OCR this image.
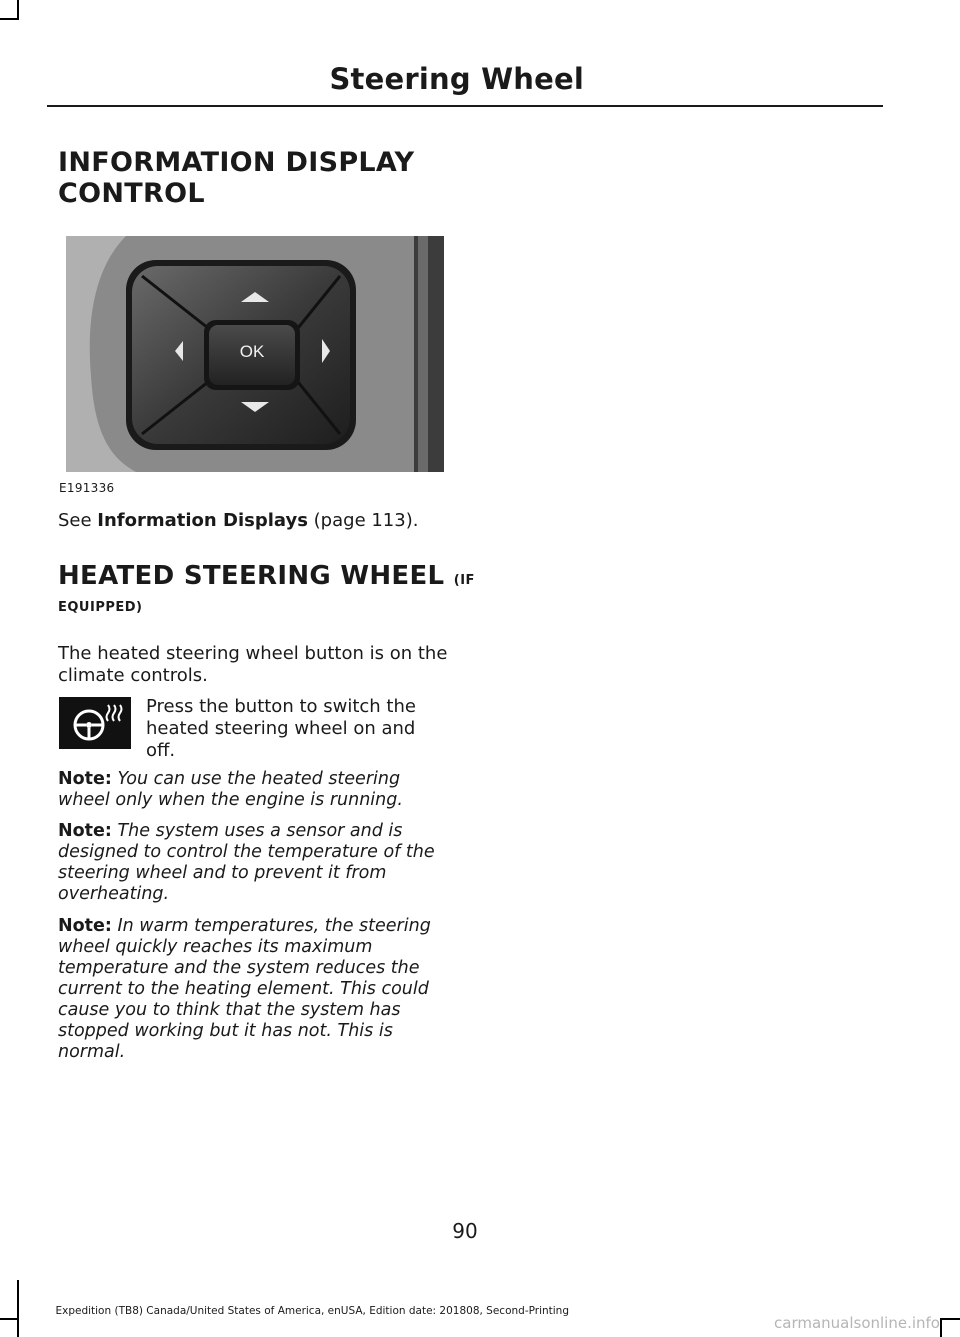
Steering Wheel
INFORMATION DISPLAY
CONTROL
OK
E191336
See Information Displays (page 113).
HEATED STEERING WHEEL (IF
EQUIPPED)
The heated steering wheel button is on the
climate controls.
Press the button to switch the
heated steering wheel on and
off.
Note: You can use the heated steering
wheel only when the engine is running.
Note: The system uses a sensor and is
designed to control the temperature of the
steering wheel and to prevent it from
overheating.
Note: In warm temperatures, the steering
wheel quickly reaches its maximum
temperature and the system reduces the
current to the heating element. This could
cause you to think that the system has
stopped working but it has not. This is
normal.
90
Expedition (TB8) Canada/United States of America, enUSA, Edition date: 201808, Second-Printing
carmanualsonline.info
